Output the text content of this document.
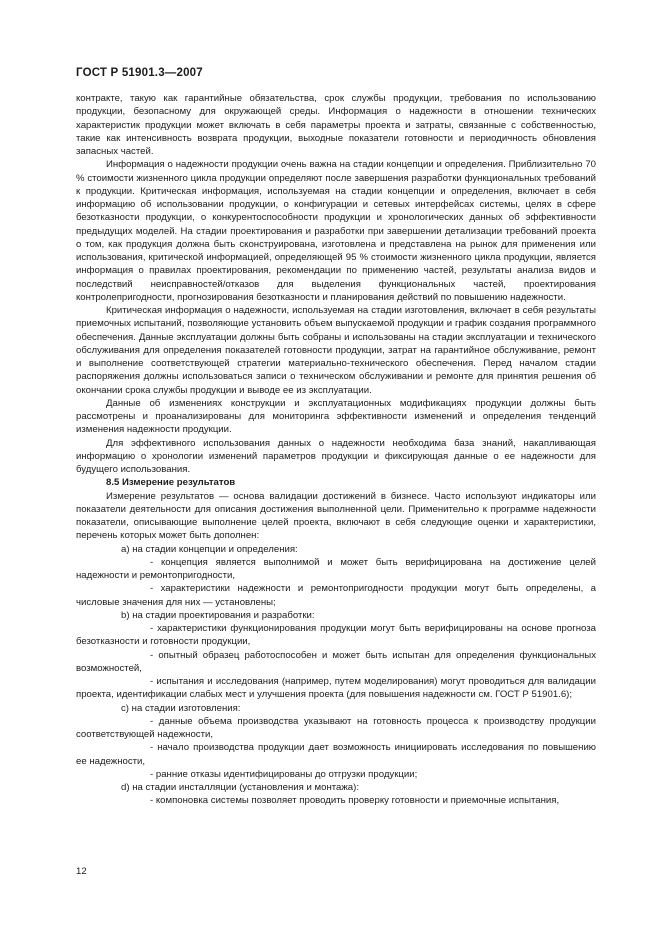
ГОСТ Р 51901.3—2007

контракте, такую как гарантийные обязательства, срок службы продукции, требования по использованию продукции, безопасному для окружающей среды. Информация о надежности в отношении технических характеристик продукции может включать в себя параметры проекта и затраты, связанные с собственностью, такие как интенсивность возврата продукции, выходные показатели готовности и периодичность обновления запасных частей.

Информация о надежности продукции очень важна на стадии концепции и определения. Приблизительно 70 % стоимости жизненного цикла продукции определяют после завершения разработки функциональных требований к продукции. Критическая информация, используемая на стадии концепции и определения, включает в себя информацию об использовании продукции, о конфигурации и сетевых интерфейсах системы, целях в сфере безотказности продукции, о конкурентоспособности продукции и хронологических данных об эффективности предыдущих моделей. На стадии проектирования и разработки при завершении детализации требований проекта о том, как продукция должна быть сконструирована, изготовлена и представлена на рынок для применения или использования, критической информацией, определяющей 95 % стоимости жизненного цикла продукции, является информация о правилах проектирования, рекомендации по применению частей, результаты анализа видов и последствий неисправностей/отказов для выделения функциональных частей, проектирования контролепригодности, прогнозирования безотказности и планирования действий по повышению надежности.

Критическая информация о надежности, используемая на стадии изготовления, включает в себя результаты приемочных испытаний, позволяющие установить объем выпускаемой продукции и график создания программного обеспечения. Данные эксплуатации должны быть собраны и использованы на стадии эксплуатации и технического обслуживания для определения показателей готовности продукции, затрат на гарантийное обслуживание, ремонт и выполнение соответствующей стратегии материально-технического обеспечения. Перед началом стадии распоряжения должны использоваться записи о техническом обслуживании и ремонте для принятия решения об окончании срока службы продукции и выводе ее из эксплуатации.

Данные об изменениях конструкции и эксплуатационных модификациях продукции должны быть рассмотрены и проанализированы для мониторинга эффективности изменений и определения тенденций изменения надежности продукции.

Для эффективного использования данных о надежности необходима база знаний, накапливающая информацию о хронологии изменений параметров продукции и фиксирующая данные о ее надежности для будущего использования.

8.5 Измерение результатов

Измерение результатов — основа валидации достижений в бизнесе. Часто используют индикаторы или показатели деятельности для описания достижения выполненной цели. Применительно к программе надежности показатели, описывающие выполнение целей проекта, включают в себя следующие оценки и характеристики, перечень которых может быть дополнен:

а) на стадии концепции и определения:

- концепция является выполнимой и может быть верифицирована на достижение целей надежности и ремонтопригодности,

- характеристики надежности и ремонтопригодности продукции могут быть определены, а числовые значения для них — установлены;

b) на стадии проектирования и разработки:

- характеристики функционирования продукции могут быть верифицированы на основе прогноза безотказности и готовности продукции,

- опытный образец работоспособен и может быть испытан для определения функциональных возможностей,

- испытания и исследования (например, путем моделирования) могут проводиться для валидации проекта, идентификации слабых мест и улучшения проекта (для повышения надежности см. ГОСТ Р 51901.6);

c) на стадии изготовления:

- данные объема производства указывают на готовность процесса к производству продукции соответствующей надежности,

- начало производства продукции дает возможность инициировать исследования по повышению ее надежности,

- ранние отказы идентифицированы до отгрузки продукции;

d) на стадии инсталляции (установления и монтажа):

- компоновка системы позволяет проводить проверку готовности и приемочные испытания,

12
